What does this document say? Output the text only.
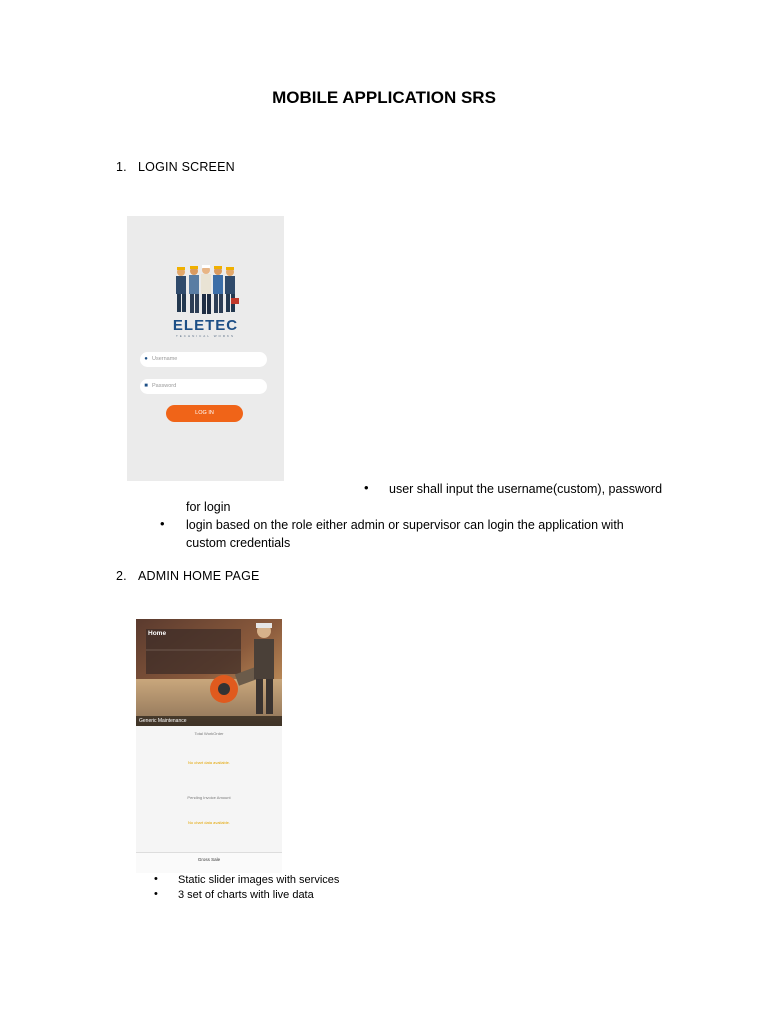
MOBILE APPLICATION SRS
1. LOGIN SCREEN
ELETEC
TECHNICAL WORKS
● Username
■ Password
LOG IN
• user shall input the username(custom), password
for login
• login based on the role either admin or supervisor can login the application with custom credentials
2. ADMIN HOME PAGE
Home
Generic Maintenance
Total WorkOrder
No chart data available.
Pending Invoice Amount
No chart data available.
Gross Sale
• Static slider images with services
• 3 set of charts with live data
